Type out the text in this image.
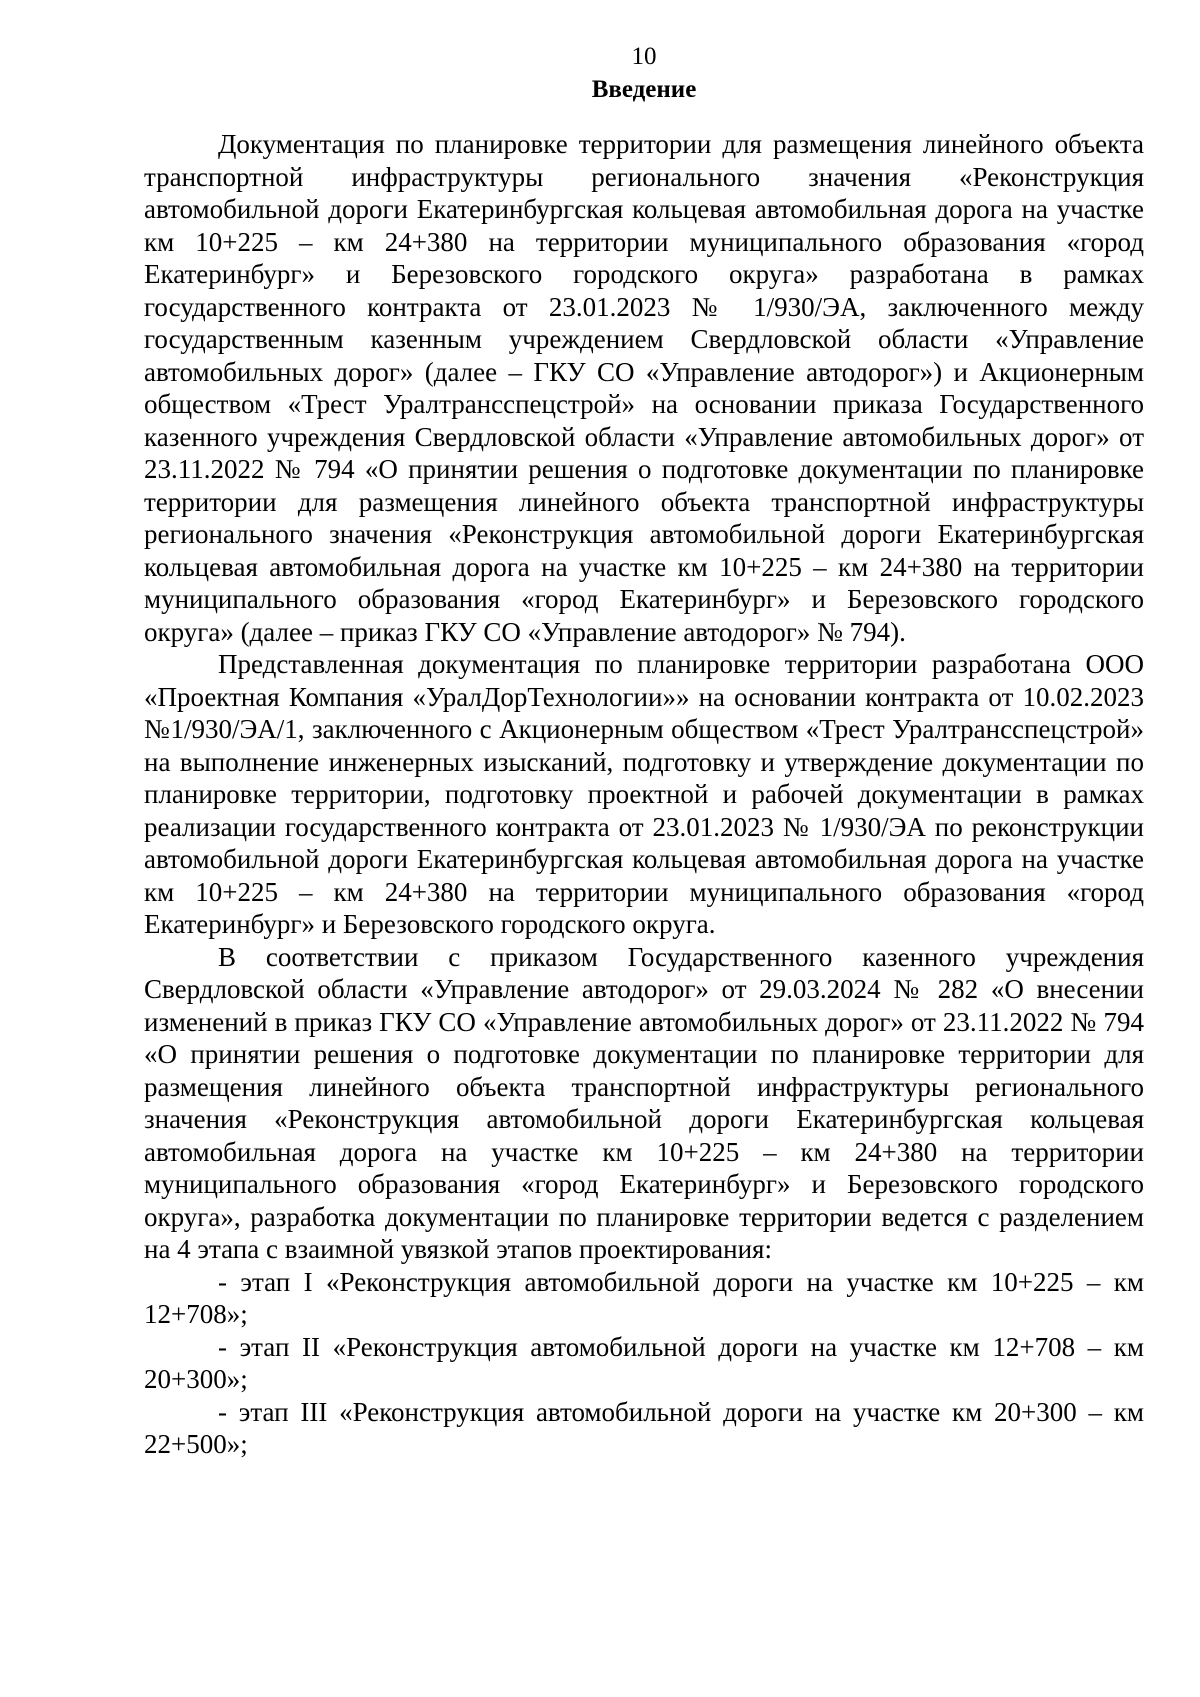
10
Введение

Документация по планировке территории для размещения линейного объекта транспортной инфраструктуры регионального значения «Реконструкция автомобильной дороги Екатеринбургская кольцевая автомобильная дорога на участке км 10+225 – км 24+380 на территории муниципального образования «город Екатеринбург» и Березовского городского округа» разработана в рамках государственного контракта от 23.01.2023 № 1/930/ЭА, заключенного между государственным казенным учреждением Свердловской области «Управление автомобильных дорог» (далее – ГКУ СО «Управление автодорог») и Акционерным обществом «Трест Уралтрансспецстрой» на основании приказа Государственного казенного учреждения Свердловской области «Управление автомобильных дорог» от 23.11.2022 № 794 «О принятии решения о подготовке документации по планировке территории для размещения линейного объекта транспортной инфраструктуры регионального значения «Реконструкция автомобильной дороги Екатеринбургская кольцевая автомобильная дорога на участке км 10+225 – км 24+380 на территории муниципального образования «город Екатеринбург» и Березовского городского округа» (далее – приказ ГКУ СО «Управление автодорог» № 794).

Представленная документация по планировке территории разработана ООО «Проектная Компания «УралДорТехнологии»» на основании контракта от 10.02.2023 №1/930/ЭА/1, заключенного с Акционерным обществом «Трест Уралтрансспецстрой» на выполнение инженерных изысканий, подготовку и утверждение документации по планировке территории, подготовку проектной и рабочей документации в рамках реализации государственного контракта от 23.01.2023 № 1/930/ЭА по реконструкции автомобильной дороги Екатеринбургская кольцевая автомобильная дорога на участке км 10+225 – км 24+380 на территории муниципального образования «город Екатеринбург» и Березовского городского округа.

В соответствии с приказом Государственного казенного учреждения Свердловской области «Управление автодорог» от 29.03.2024 № 282 «О внесении изменений в приказ ГКУ СО «Управление автомобильных дорог» от 23.11.2022 № 794 «О принятии решения о подготовке документации по планировке территории для размещения линейного объекта транспортной инфраструктуры регионального значения «Реконструкция автомобильной дороги Екатеринбургская кольцевая автомобильная дорога на участке км 10+225 – км 24+380 на территории муниципального образования «город Екатеринбург» и Березовского городского округа», разработка документации по планировке территории ведется с разделением на 4 этапа с взаимной увязкой этапов проектирования:

- этап I «Реконструкция автомобильной дороги на участке км 10+225 – км 12+708»;

- этап II «Реконструкция автомобильной дороги на участке км 12+708 – км 20+300»;

- этап III «Реконструкция автомобильной дороги на участке км 20+300 – км 22+500»;
